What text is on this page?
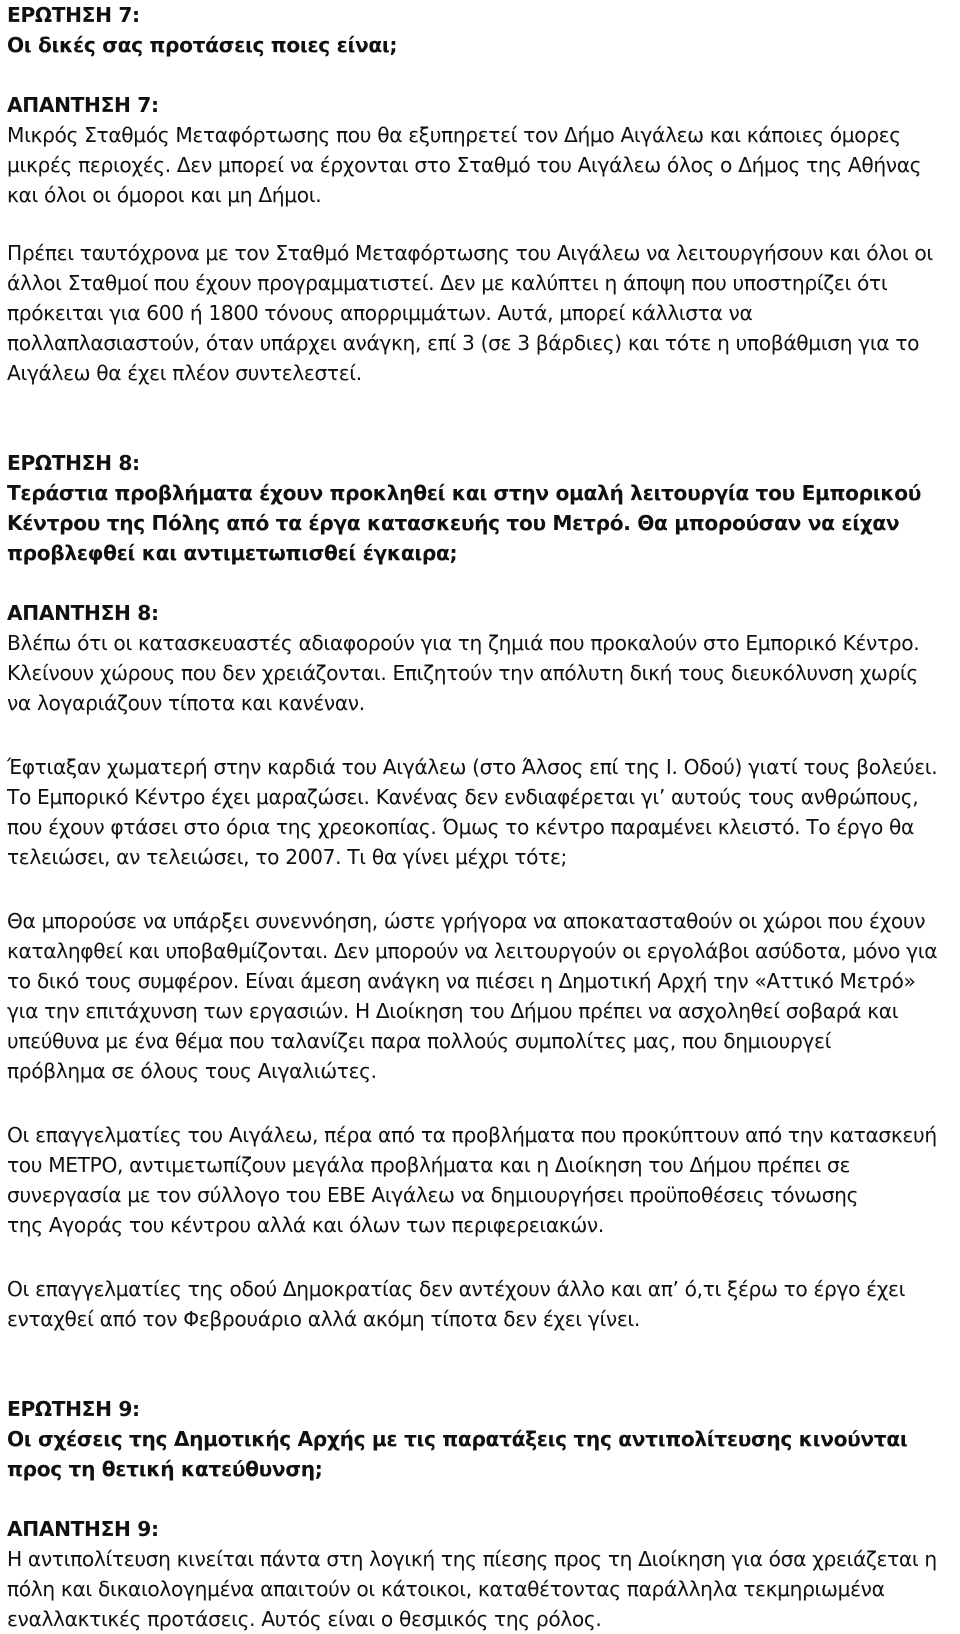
ΕΡΩΤΗΣΗ 7:
Οι δικές σας προτάσεις ποιες είναι;
ΑΠΑΝΤΗΣΗ 7:
Μικρός Σταθμός Μεταφόρτωσης που θα εξυπηρετεί τον Δήμο Αιγάλεω και κάποιες όμορες
μικρές περιοχές. Δεν μπορεί να έρχονται στο Σταθμό του Αιγάλεω όλος ο Δήμος της Αθήνας
και όλοι οι όμοροι και μη Δήμοι.
Πρέπει ταυτόχρονα με τον Σταθμό Μεταφόρτωσης του Αιγάλεω να λειτουργήσουν και όλοι οι
άλλοι Σταθμοί που έχουν προγραμματιστεί. Δεν με καλύπτει η άποψη που υποστηρίζει ότι
πρόκειται για 600 ή 1800 τόνους απορριμμάτων. Αυτά, μπορεί κάλλιστα να
πολλαπλασιαστούν, όταν υπάρχει ανάγκη, επί 3 (σε 3 βάρδιες) και τότε η υποβάθμιση για το
Αιγάλεω θα έχει πλέον συντελεστεί.
ΕΡΩΤΗΣΗ 8:
Τεράστια προβλήματα έχουν προκληθεί και στην ομαλή λειτουργία του Εμπορικού
Κέντρου της Πόλης από τα έργα κατασκευής του Μετρό. Θα μπορούσαν να είχαν
προβλεφθεί και αντιμετωπισθεί έγκαιρα;
ΑΠΑΝΤΗΣΗ 8:
Βλέπω ότι οι κατασκευαστές αδιαφορούν για τη ζημιά που προκαλούν στο Εμπορικό Κέντρο.
Κλείνουν χώρους που δεν χρειάζονται. Επιζητούν την απόλυτη δική τους διευκόλυνση χωρίς
να λογαριάζουν τίποτα και κανέναν.
Έφτιαξαν χωματερή στην καρδιά του Αιγάλεω (στο Άλσος επί της Ι. Οδού) γιατί τους βολεύει.
Το Εμπορικό Κέντρο έχει μαραζώσει. Κανένας δεν ενδιαφέρεται γι’ αυτούς τους ανθρώπους,
που έχουν φτάσει στο όρια της χρεοκοπίας. Όμως το κέντρο παραμένει κλειστό. Το έργο θα
τελειώσει, αν τελειώσει, το 2007. Τι θα γίνει μέχρι τότε;
Θα μπορούσε να υπάρξει συνεννόηση, ώστε γρήγορα να αποκατασταθούν οι χώροι που έχουν
καταληφθεί και υποβαθμίζονται. Δεν μπορούν να λειτουργούν οι εργολάβοι ασύδοτα, μόνο για
το δικό τους συμφέρον. Είναι άμεση ανάγκη να πιέσει η Δημοτική Αρχή την «Αττικό Μετρό»
για την επιτάχυνση των εργασιών. Η Διοίκηση του Δήμου πρέπει να ασχοληθεί σοβαρά και
υπεύθυνα με ένα θέμα που ταλανίζει παρα πολλούς συμπολίτες μας, που δημιουργεί
πρόβλημα σε όλους τους Αιγαλιώτες.
Οι επαγγελματίες του Αιγάλεω, πέρα από τα προβλήματα που προκύπτουν από την κατασκευή
του ΜΕΤΡΟ, αντιμετωπίζουν μεγάλα προβλήματα και η Διοίκηση του Δήμου πρέπει σε
συνεργασία με τον σύλλογο του ΕΒΕ Αιγάλεω να δημιουργήσει προϋποθέσεις τόνωσης
της Αγοράς του κέντρου αλλά και όλων των περιφερειακών.
Οι επαγγελματίες της οδού Δημοκρατίας δεν αντέχουν άλλο και απ’ ό,τι ξέρω το έργο έχει
ενταχθεί από τον Φεβρουάριο αλλά ακόμη τίποτα δεν έχει γίνει.
ΕΡΩΤΗΣΗ 9:
Οι σχέσεις της Δημοτικής Αρχής με τις παρατάξεις της αντιπολίτευσης κινούνται
προς τη θετική κατεύθυνση;
ΑΠΑΝΤΗΣΗ 9:
Η αντιπολίτευση κινείται πάντα στη λογική της πίεσης προς τη Διοίκηση για όσα χρειάζεται η
πόλη και δικαιολογημένα απαιτούν οι κάτοικοι, καταθέτοντας παράλληλα τεκμηριωμένα
εναλλακτικές προτάσεις. Αυτός είναι ο θεσμικός της ρόλος.
